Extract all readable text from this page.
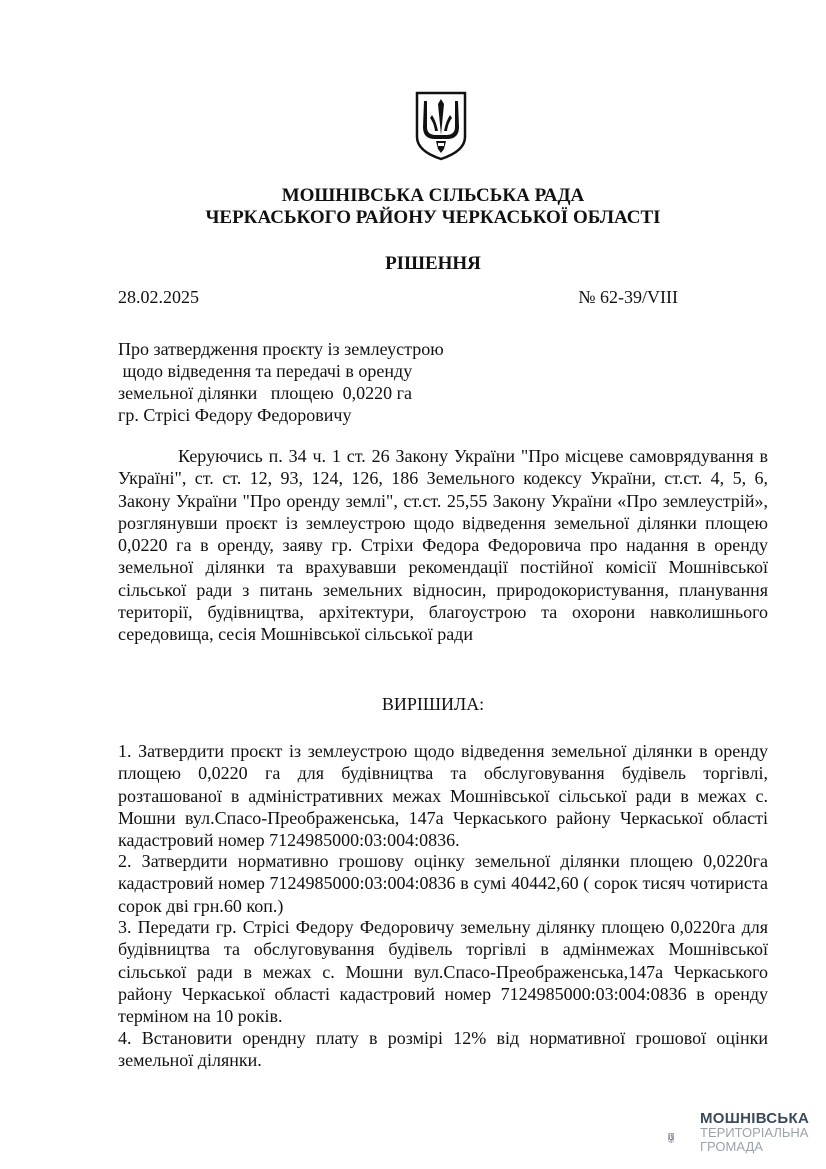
МОШНІВСЬКА СІЛЬСЬКА РАДА
ЧЕРКАСЬКОГО РАЙОНУ ЧЕРКАСЬКОЇ ОБЛАСТІ
РІШЕННЯ
28.02.2025	№ 62-39/VIII
Про затвердження проєкту із землеустрою
щодо відведення та передачі в оренду
земельної ділянки   площею  0,0220 га
гр. Стрісі Федору Федоровичу

Керуючись п. 34 ч. 1 ст. 26 Закону України "Про місцеве самоврядування в Україні", ст. ст. 12, 93, 124, 126, 186 Земельного кодексу України, ст.ст. 4, 5, 6, Закону України "Про оренду землі", ст.ст. 25,55 Закону України «Про землеустрій», розглянувши проєкт із землеустрою щодо відведення земельної ділянки площею 0,0220 га в оренду, заяву гр. Стріхи Федора Федоровича про надання в оренду земельної ділянки та врахувавши рекомендації постійної комісії Мошнівської сільської ради з питань земельних відносин, природокористування, планування території, будівництва, архітектури, благоустрою та охорони навколишнього середовища, сесія Мошнівської сільської ради

ВИРІШИЛА:

1. Затвердити проєкт із землеустрою щодо відведення земельної ділянки в оренду площею 0,0220 га для будівництва та обслуговування будівель торгівлі, розташованої в адміністративних межах Мошнівської сільської ради в межах с. Мошни вул.Спасо-Преображенська, 147а Черкаського району Черкаської області кадастровий номер 7124985000:03:004:0836.

2. Затвердити нормативно грошову оцінку земельної ділянки площею 0,0220га кадастровий номер 7124985000:03:004:0836 в сумі 40442,60 ( сорок тисяч чотириста сорок дві грн.60 коп.)

3. Передати гр. Стрісі Федору Федоровичу земельну ділянку площею 0,0220га для будівництва та обслуговування будівель торгівлі в адмінмежах Мошнівської сільської ради в межах с. Мошни вул.Спасо-Преображенська,147а Черкаського району Черкаської області кадастровий номер 7124985000:03:004:0836 в оренду терміном на 10 років.

4. Встановити орендну плату в розмірі 12% від нормативної грошової оцінки земельної ділянки.

МОШНІВСЬКА
ТЕРИТОРІАЛЬНА
ГРОМАДА
